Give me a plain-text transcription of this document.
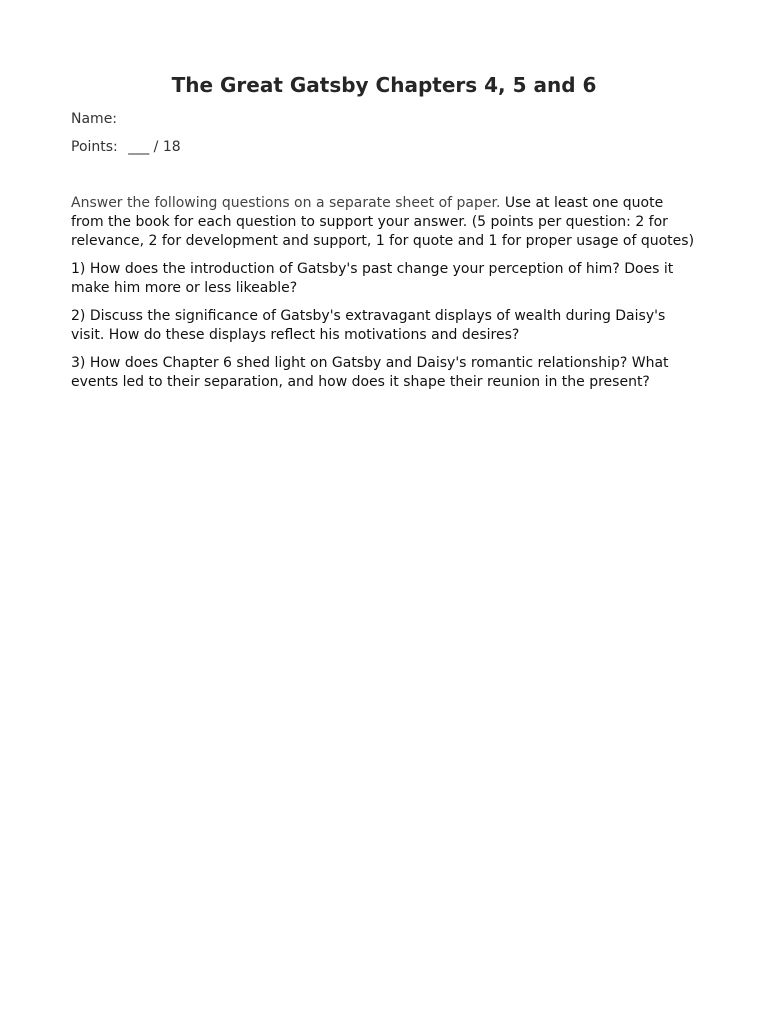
The Great Gatsby Chapters 4, 5 and 6
Name:
Points: ___ / 18
Answer the following questions on a separate sheet of paper. Use at least one quote from the book for each question to support your answer. (5 points per question: 2 for relevance, 2 for development and support, 1 for quote and 1 for proper usage of quotes)
1) How does the introduction of Gatsby's past change your perception of him? Does it make him more or less likeable?
2) Discuss the significance of Gatsby's extravagant displays of wealth during Daisy's visit. How do these displays reflect his motivations and desires?
3) How does Chapter 6 shed light on Gatsby and Daisy's romantic relationship? What events led to their separation, and how does it shape their reunion in the present?
